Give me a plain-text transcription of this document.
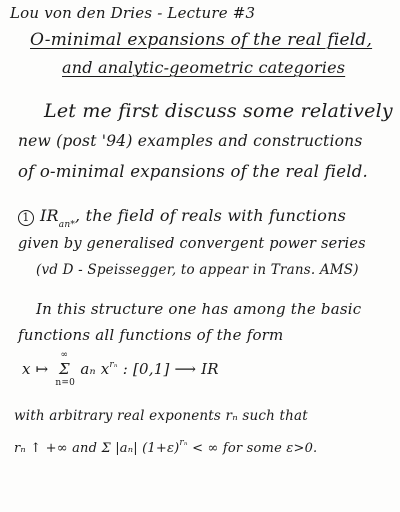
Lou von den Dries - Lecture #3
O-minimal expansions of the real field,
and analytic-geometric categories
Let me first discuss some relatively
new (post '94) examples and constructions
of o-minimal expansions of the real field.
1 $IR_{an*}$, the field of reals with functions
given by generalised convergent power series
(vd D - Speissegger, to appear in Trans. AMS)
In this structure one has among the basic
functions all functions of the form
x ↦
∞
Σ
n=0
aₙ $x^{r_n}$ : [0,1] ⟶ IR
with arbitrary real exponents rₙ such that
rₙ ↑ +∞ and Σ |aₙ| $(1+\varepsilon)^{r_n}$ < ∞ for some ε>0.
